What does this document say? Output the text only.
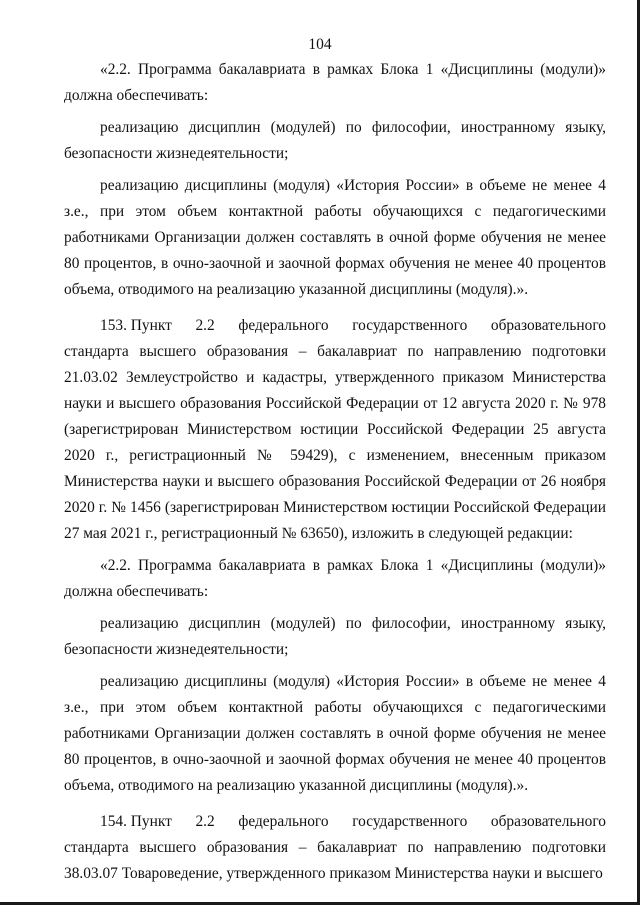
104

«2.2. Программа бакалавриата в рамках Блока 1 «Дисциплины (модули)» должна обеспечивать:

реализацию дисциплин (модулей) по философии, иностранному языку, безопасности жизнедеятельности;

реализацию дисциплины (модуля) «История России» в объеме не менее 4 з.е., при этом объем контактной работы обучающихся с педагогическими работниками Организации должен составлять в очной форме обучения не менее 80 процентов, в очно-заочной и заочной формах обучения не менее 40 процентов объема, отводимого на реализацию указанной дисциплины (модуля).».

153. Пункт 2.2 федерального государственного образовательного

стандарта высшего образования – бакалавриат по направлению подготовки 21.03.02 Землеустройство и кадастры, утвержденного приказом Министерства науки и высшего образования Российской Федерации от 12 августа 2020 г. № 978 (зарегистрирован Министерством юстиции Российской Федерации 25 августа 2020 г., регистрационный № 59429), с изменением, внесенным приказом Министерства науки и высшего образования Российской Федерации от 26 ноября 2020 г. № 1456 (зарегистрирован Министерством юстиции Российской Федерации 27 мая 2021 г., регистрационный № 63650), изложить в следующей редакции:

«2.2. Программа бакалавриата в рамках Блока 1 «Дисциплины (модули)» должна обеспечивать:

реализацию дисциплин (модулей) по философии, иностранному языку, безопасности жизнедеятельности;

реализацию дисциплины (модуля) «История России» в объеме не менее 4 з.е., при этом объем контактной работы обучающихся с педагогическими работниками Организации должен составлять в очной форме обучения не менее 80 процентов, в очно-заочной и заочной формах обучения не менее 40 процентов объема, отводимого на реализацию указанной дисциплины (модуля).».

154. Пункт 2.2 федерального государственного образовательного

стандарта высшего образования – бакалавриат по направлению подготовки 38.03.07 Товароведение, утвержденного приказом Министерства науки и высшего
